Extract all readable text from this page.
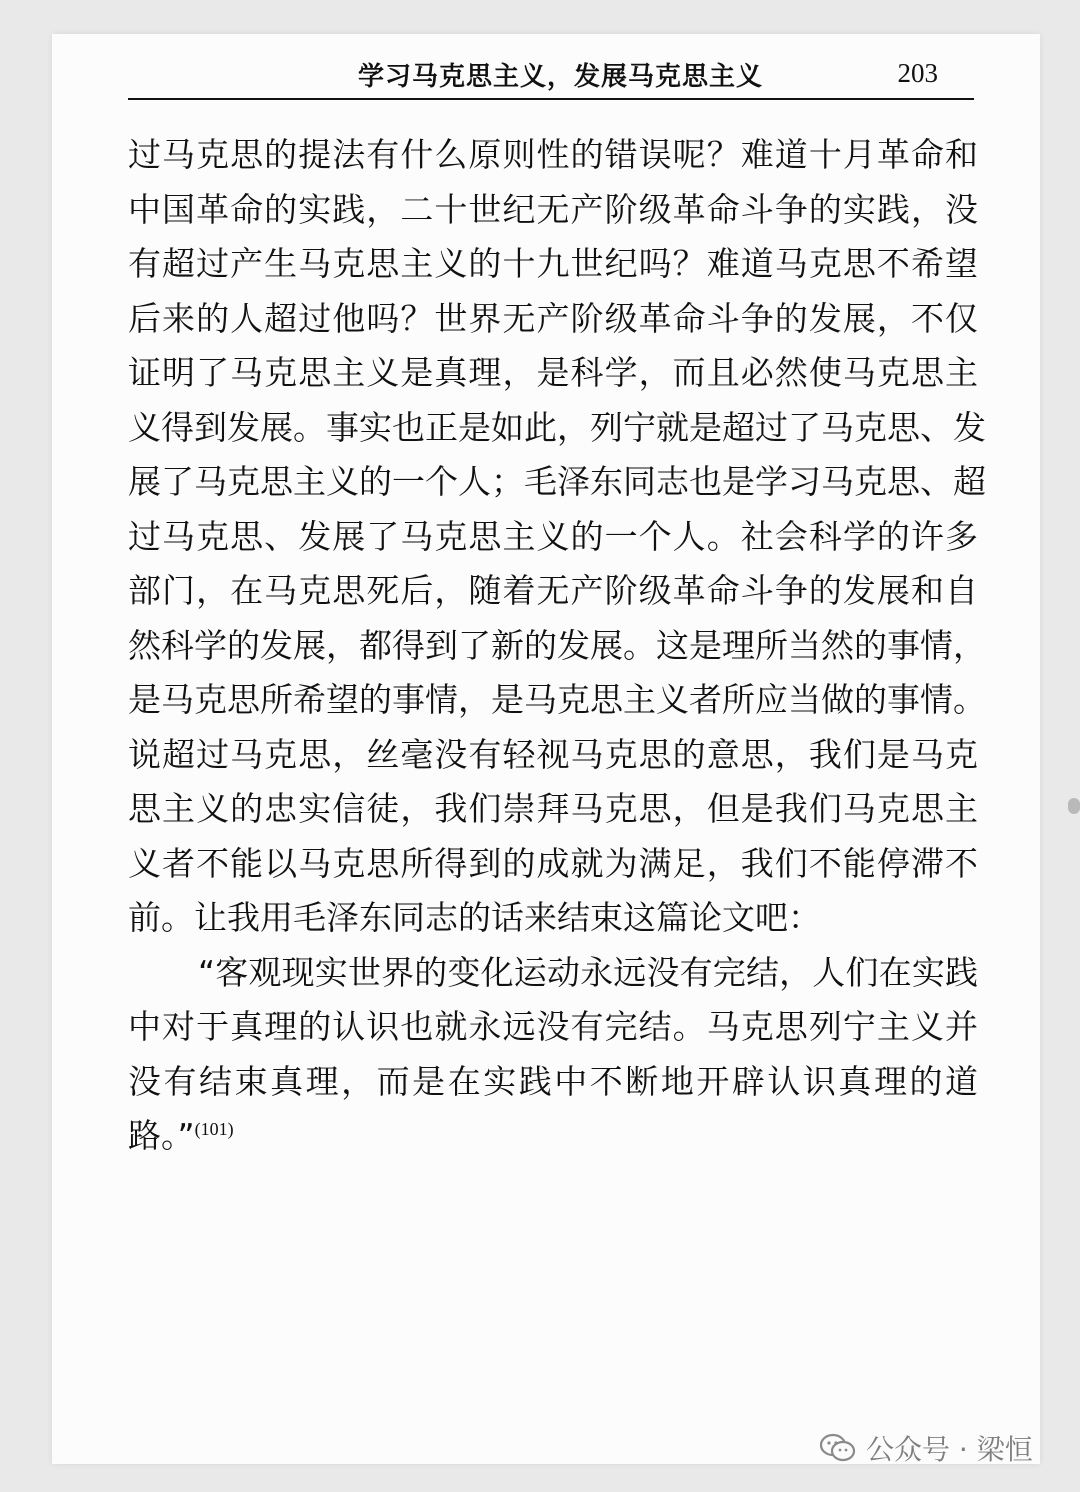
学习马克思主义，发展马克思主义	203
过马克思的提法有什么原则性的错误呢？难道十月革命和
中国革命的实践，二十世纪无产阶级革命斗争的实践，没
有超过产生马克思主义的十九世纪吗？难道马克思不希望
后来的人超过他吗？世界无产阶级革命斗争的发展，不仅
证明了马克思主义是真理，是科学，而且必然使马克思主
义得到发展。事实也正是如此，列宁就是超过了马克思、发
展了马克思主义的一个人；毛泽东同志也是学习马克思、超
过马克思、发展了马克思主义的一个人。社会科学的许多
部门，在马克思死后，随着无产阶级革命斗争的发展和自
然科学的发展，都得到了新的发展。这是理所当然的事情，
是马克思所希望的事情，是马克思主义者所应当做的事情。
说超过马克思，丝毫没有轻视马克思的意思，我们是马克
思主义的忠实信徒，我们崇拜马克思，但是我们马克思主
义者不能以马克思所得到的成就为满足，我们不能停滞不
前。让我用毛泽东同志的话来结束这篇论文吧：
“客观现实世界的变化运动永远没有完结，人们在实践
中对于真理的认识也就永远没有完结。马克思列宁主义并
没有结束真理，而是在实践中不断地开辟认识真理的道
路。”$^{(101)}$
公众号 · 梁恒
